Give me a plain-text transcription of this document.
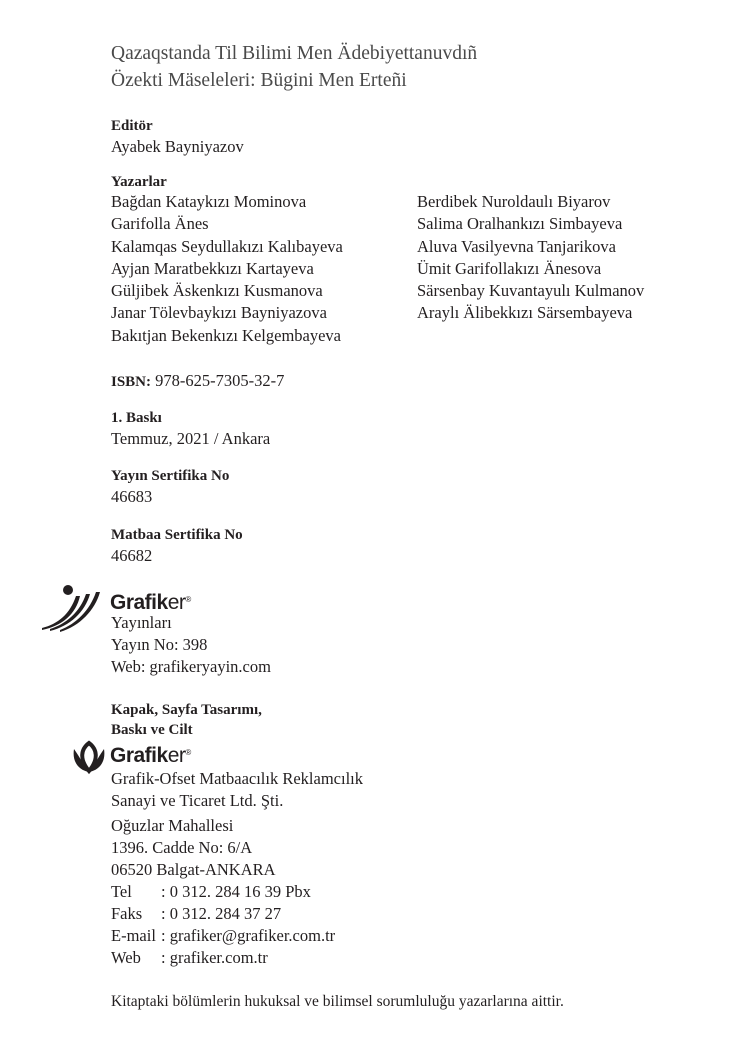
Qazaqstanda Til Bilimi Men Ädebiyettanuvdıñ
Özekti Mäseleleri: Bügini Men Erteñi
Editör
Ayabek Bayniyazov
Yazarlar
Bağdan Kataykızı Mominova
Garifolla Änes
Kalamqas Seydullakızı Kalıbayeva
Ayjan Maratbekkızı Kartayeva
Güljibek Äskenkızı Kusmanova
Janar Tölevbaykızı Bayniyazova
Bakıtjan Bekenkızı Kelgembayeva
Berdibek Nuroldaulı Biyarov
Salima Oralhankızı Simbayeva
Aluva Vasilyevna Tanjarikova
Ümit Garifollakızı Änesova
Särsenbay Kuvantayulı Kulmanov
Araylı Älibekkızı Särsembayeva
ISBN: 978-625-7305-32-7
1. Baskı
Temmuz, 2021 / Ankara
Yayın Sertifika No
46683
Matbaa Sertifika No
46682
Grafiker®
Yayınları
Yayın No: 398
Web: grafikeryayin.com
Kapak, Sayfa Tasarımı,
Baskı ve Cilt
Grafiker®
Grafik-Ofset Matbaacılık Reklamcılık
Sanayi ve Ticaret Ltd. Şti.
Oğuzlar Mahallesi
1396. Cadde No: 6/A
06520 Balgat-ANKARA
Tel	: 0 312. 284 16 39 Pbx
Faks	: 0 312. 284 37 27
E-mail : grafiker@grafiker.com.tr
Web	: grafiker.com.tr
Kitaptaki bölümlerin hukuksal ve bilimsel sorumluluğu yazarlarına aittir.
